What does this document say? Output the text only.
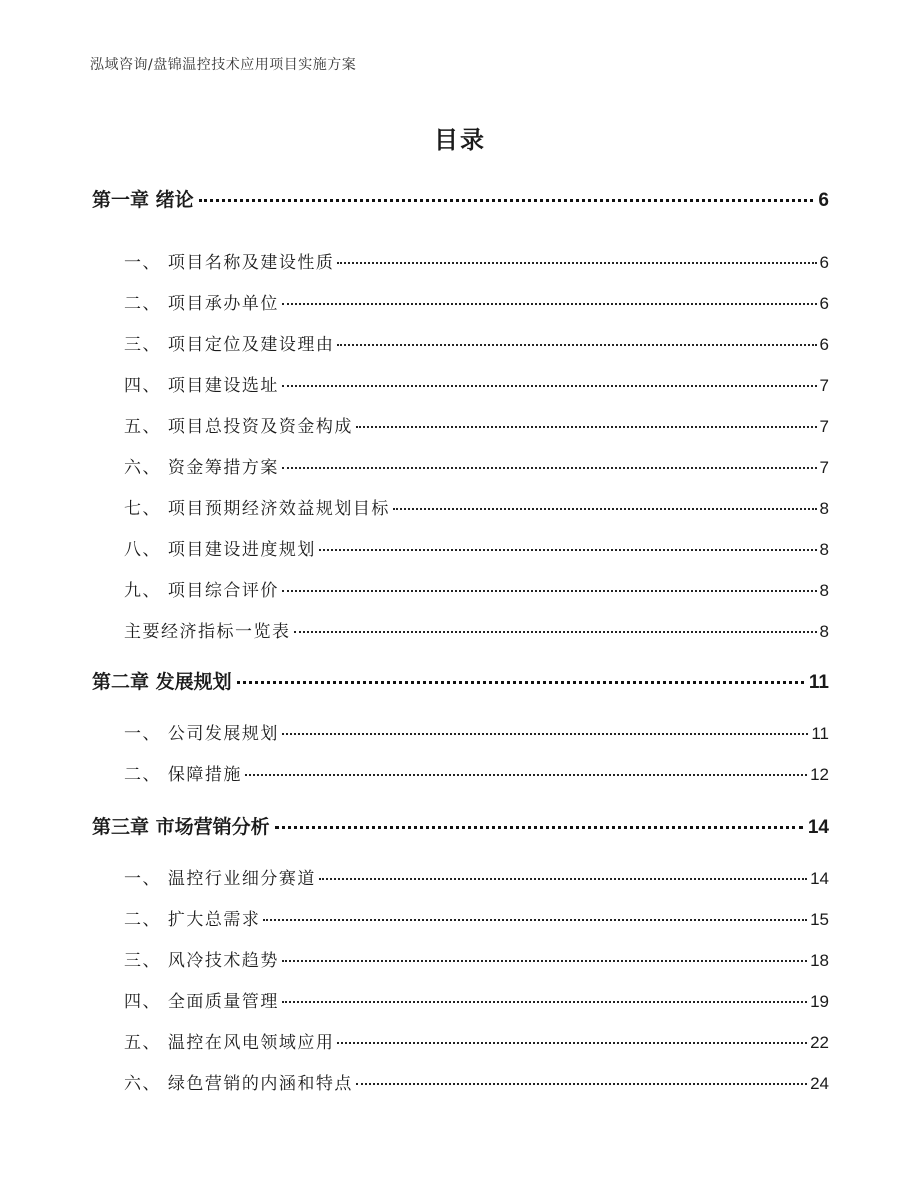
泓域咨询/盘锦温控技术应用项目实施方案
目录
第一章 绪论	6
一、 项目名称及建设性质	6
二、 项目承办单位	6
三、 项目定位及建设理由	6
四、 项目建设选址	7
五、 项目总投资及资金构成	7
六、 资金筹措方案	7
七、 项目预期经济效益规划目标	8
八、 项目建设进度规划	8
九、 项目综合评价	8
主要经济指标一览表	8
第二章 发展规划	11
一、 公司发展规划	11
二、 保障措施	12
第三章 市场营销分析	14
一、 温控行业细分赛道	14
二、 扩大总需求	15
三、 风冷技术趋势	18
四、 全面质量管理	19
五、 温控在风电领域应用	22
六、 绿色营销的内涵和特点	24
